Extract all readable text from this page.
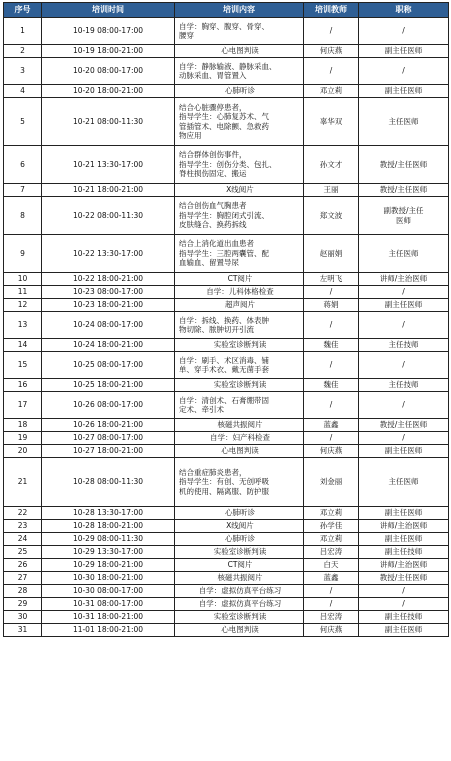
序号	培训时间	培训内容	培训教师	职称
1	10-19 08:00-17:00	自学：胸穿、腹穿、骨穿、
腰穿	/	/
2	10-19 18:00-21:00	心电图判读	何庆燕	副主任医师
3	10-20 08:00-17:00	自学：静脉输液、静脉采血、
动脉采血、胃管置入	/	/
4	10-20 18:00-21:00	心肺听诊	邓立莉	副主任医师
5	10-21 08:00-11:30	结合心脏骤停患者，
指导学生：心肺复苏术、气
管插管术、电除颤、急救药
物应用	辜华双	主任医师
6	10-21 13:30-17:00	结合群体创伤事件，
指导学生：创伤分类、包扎、
脊柱损伤固定、搬运	孙文才	教授/主任医师
7	10-21 18:00-21:00	X线阅片	王丽	教授/主任医师
8	10-22 08:00-11:30	结合创伤血气胸患者
指导学生：胸腔闭式引流、
皮肤缝合、换药拆线	郑文波	副教授/主任
医师
9	10-22 13:30-17:00	结合上消化道出血患者
指导学生：三腔两囊管、配
血输血、留置导尿	赵丽娟	主任医师
10	10-22 18:00-21:00	CT阅片	左明飞	讲师/主治医师
11	10-23 08:00-17:00	自学：儿科体格检查	/	/
12	10-23 18:00-21:00	超声阅片	蒋娟	副主任医师
13	10-24 08:00-17:00	自学：拆线、换药、体表肿
物切除、脓肿切开引流	/	/
14	10-24 18:00-21:00	实验室诊断判读	魏佳	主任技师
15	10-25 08:00-17:00	自学：刷手、术区消毒、铺
单、穿手术衣、戴无菌手套	/	/
16	10-25 18:00-21:00	实验室诊断判读	魏佳	主任技师
17	10-26 08:00-17:00	自学：清创术、石膏绷带固
定术、牵引术	/	/
18	10-26 18:00-21:00	核磁共振阅片	蓝鑫	教授/主任医师
19	10-27 08:00-17:00	自学：妇产科检查	/	/
20	10-27 18:00-21:00	心电图判读	何庆燕	副主任医师
21	10-28 08:00-11:30	结合重症肺炎患者，
指导学生：有创、无创呼吸
机的使用、隔离服、防护服	刘金丽	主任医师
22	10-28 13:30-17:00	心肺听诊	邓立莉	副主任医师
23	10-28 18:00-21:00	X线阅片	孙学佳	讲师/主治医师
24	10-29 08:00-11:30	心肺听诊	邓立莉	副主任医师
25	10-29 13:30-17:00	实验室诊断判读	吕宏涛	副主任技师
26	10-29 18:00-21:00	CT阅片	白天	讲师/主治医师
27	10-30 18:00-21:00	核磁共振阅片	蓝鑫	教授/主任医师
28	10-30 08:00-17:00	自学：虚拟仿真平台练习	/	/
29	10-31 08:00-17:00	自学：虚拟仿真平台练习	/	/
30	10-31 18:00-21:00	实验室诊断判读	吕宏涛	副主任技师
31	11-01 18:00-21:00	心电图判读	何庆燕	副主任医师
